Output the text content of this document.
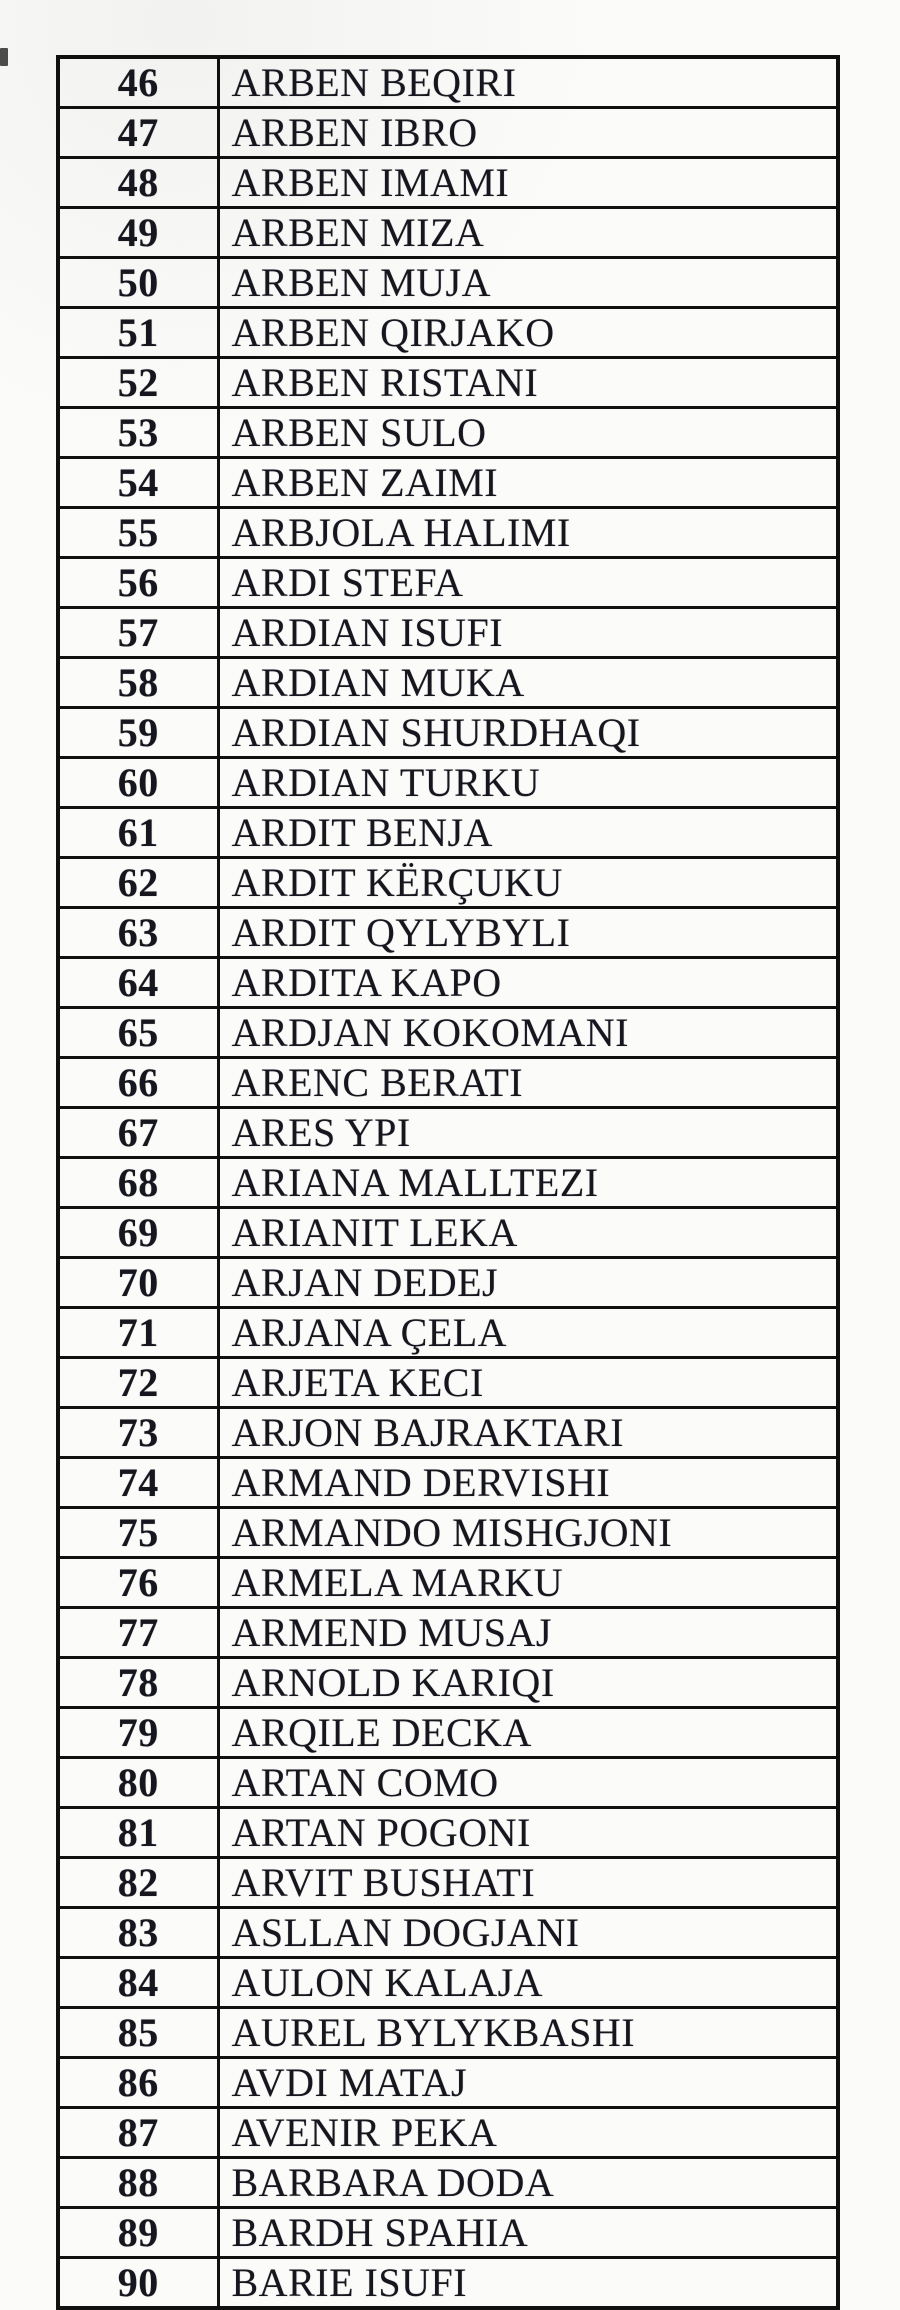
46	ARBEN BEQIRI
47	ARBEN IBRO
48	ARBEN IMAMI
49	ARBEN MIZA
50	ARBEN MUJA
51	ARBEN QIRJAKO
52	ARBEN RISTANI
53	ARBEN SULO
54	ARBEN ZAIMI
55	ARBJOLA HALIMI
56	ARDI STEFA
57	ARDIAN ISUFI
58	ARDIAN MUKA
59	ARDIAN SHURDHAQI
60	ARDIAN TURKU
61	ARDIT BENJA
62	ARDIT KËRÇUKU
63	ARDIT QYLYBYLI
64	ARDITA KAPO
65	ARDJAN KOKOMANI
66	ARENC BERATI
67	ARES YPI
68	ARIANA MALLTEZI
69	ARIANIT LEKA
70	ARJAN DEDEJ
71	ARJANA ÇELA
72	ARJETA KECI
73	ARJON BAJRAKTARI
74	ARMAND DERVISHI
75	ARMANDO MISHGJONI
76	ARMELA MARKU
77	ARMEND MUSAJ
78	ARNOLD KARIQI
79	ARQILE DECKA
80	ARTAN COMO
81	ARTAN POGONI
82	ARVIT BUSHATI
83	ASLLAN DOGJANI
84	AULON KALAJA
85	AUREL BYLYKBASHI
86	AVDI MATAJ
87	AVENIR PEKA
88	BARBARA DODA
89	BARDH SPAHIA
90	BARIE ISUFI
